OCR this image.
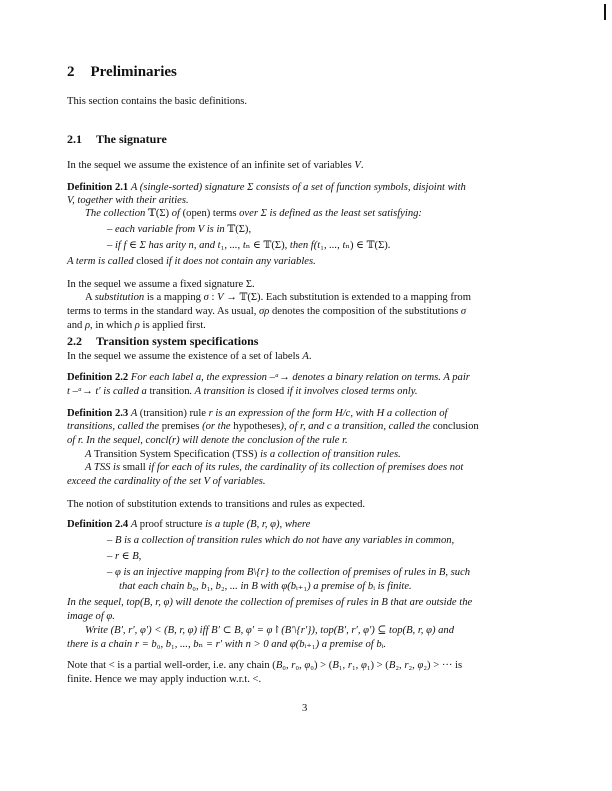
2 Preliminaries
This section contains the basic definitions.
2.1 The signature
2.2 Transition system specifications
In the sequel we assume the existence of an infinite set of variables V.
Definition 2.1 A (single-sorted) signature Σ consists of a set of function symbols, disjoint with
V, together with their arities.
The collection 𝕋(Σ) of (open) terms over Σ is defined as the least set satisfying:
– each variable from V is in 𝕋(Σ),
– if f ∈ Σ has arity n, and t₁, ..., tₙ ∈ 𝕋(Σ), then f(t₁, ..., tₙ) ∈ 𝕋(Σ).
A term is called closed if it does not contain any variables.
In the sequel we assume a fixed signature Σ.
A substitution is a mapping σ : V → 𝕋(Σ). Each substitution is extended to a mapping from
terms to terms in the standard way. As usual, σρ denotes the composition of the substitutions σ
and ρ, in which ρ is applied first.
In the sequel we assume the existence of a set of labels A.
Definition 2.2 For each label a, the expression –ᵃ→ denotes a binary relation on terms. A pair
t –ᵃ→ t′ is called a transition. A transition is closed if it involves closed terms only.
Definition 2.3 A (transition) rule r is an expression of the form H/c, with H a collection of
transitions, called the premises (or the hypotheses), of r, and c a transition, called the conclusion
of r. In the sequel, concl(r) will denote the conclusion of the rule r.
A Transition System Specification (TSS) is a collection of transition rules.
A TSS is small if for each of its rules, the cardinality of its collection of premises does not
exceed the cardinality of the set V of variables.
The notion of substitution extends to transitions and rules as expected.
Definition 2.4 A proof structure is a tuple (B, r, φ), where
– B is a collection of transition rules which do not have any variables in common,
– r ∈ B,
– φ is an injective mapping from B\{r} to the collection of premises of rules in B, such
that each chain b₀, b₁, b₂, ... in B with φ(bᵢ₊₁) a premise of bᵢ is finite.
In the sequel, top(B, r, φ) will denote the collection of premises of rules in B that are outside the
image of φ.
Write (B′, r′, φ′) < (B, r, φ) iff B′ ⊂ B, φ′ = φ↾(B′\{r′}), top(B′, r′, φ′) ⊆ top(B, r, φ) and
there is a chain r = b₀, b₁, ..., bₙ = r′ with n > 0 and φ(bᵢ₊₁) a premise of bᵢ.
Note that < is a partial well-order, i.e. any chain (B₀, r₀, φ₀) > (B₁, r₁, φ₁) > (B₂, r₂, φ₂) > ··· is
finite. Hence we may apply induction w.r.t. <.
3
